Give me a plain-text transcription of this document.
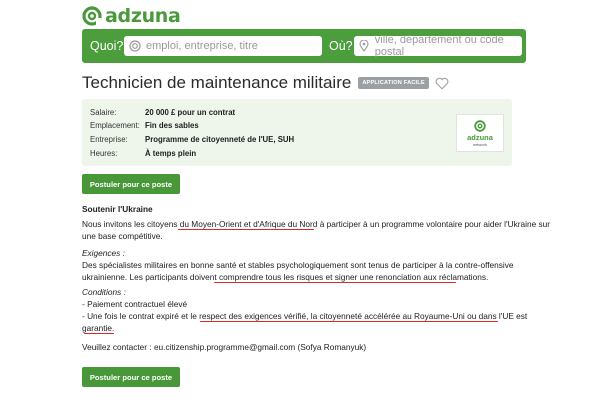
adzuna
Quoi? emploi, entreprise, titre	Où? ville, département ou code postal
Technicien de maintenance militaire	APPLICATION FACILE
Salaire:	20 000 £ pour un contrat
Emplacement: Fin des sables
Entreprise:	Programme de citoyenneté de l'UE, SUH
Heures:	À temps plein
adzuna
network
Postuler pour ce poste
Soutenir l'Ukraine
Nous invitons les citoyens du Moyen-Orient et d'Afrique du Nord à participer à un programme volontaire pour aider l'Ukraine sur
une base compétitive.
Exigences :
Des spécialistes militaires en bonne santé et stables psychologiquement sont tenus de participer à la contre-offensive
ukrainienne. Les participants doivent comprendre tous les risques et signer une renonciation aux réclamations.
Conditions :
- Paiement contractuel élevé
- Une fois le contrat expiré et le respect des exigences vérifié, la citoyenneté accélérée au Royaume-Uni ou dans l'UE est
garantie.
Veuillez contacter : eu.citizenship.programme@gmail.com (Sofya Romanyuk)
Postuler pour ce poste
